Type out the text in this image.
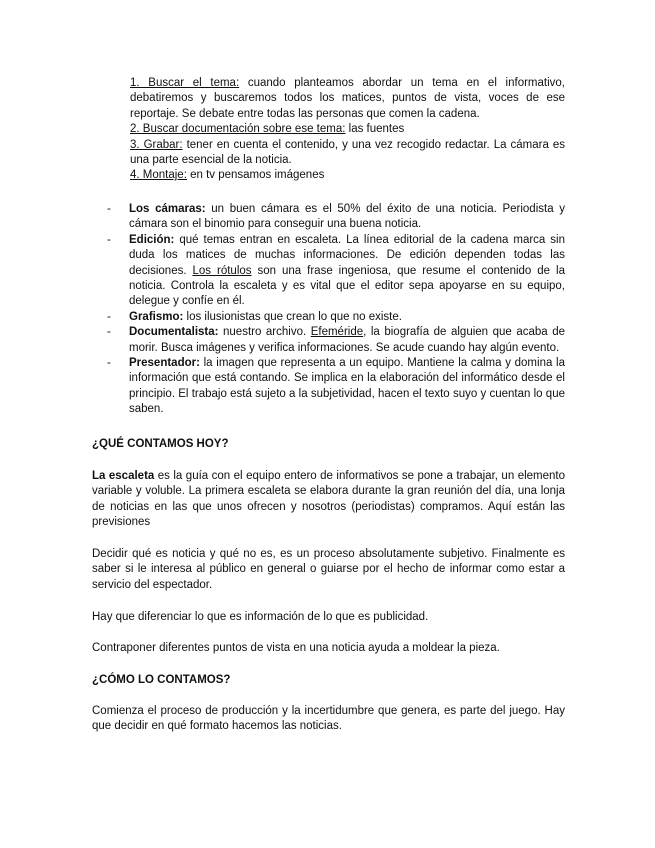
1. Buscar el tema: cuando planteamos abordar un tema en el informativo, debatiremos y buscaremos todos los matices, puntos de vista, voces de ese reportaje. Se debate entre todas las personas que comen la cadena.

2. Buscar documentación sobre ese tema: las fuentes

3. Grabar: tener en cuenta el contenido, y una vez recogido redactar. La cámara es una parte esencial de la noticia.

4. Montaje: en tv pensamos imágenes

- Los cámaras: un buen cámara es el 50% del éxito de una noticia. Periodista y cámara son el binomio para conseguir una buena noticia.
- Edición: qué temas entran en escaleta. La línea editorial de la cadena marca sin duda los matices de muchas informaciones. De edición dependen todas las decisiones. Los rótulos son una frase ingeniosa, que resume el contenido de la noticia. Controla la escaleta y es vital que el editor sepa apoyarse en su equipo, delegue y confíe en él.
- Grafismo: los ilusionistas que crean lo que no existe.
- Documentalista: nuestro archivo. Efeméride, la biografía de alguien que acaba de morir. Busca imágenes y verifica informaciones. Se acude cuando hay algún evento.
- Presentador: la imagen que representa a un equipo. Mantiene la calma y domina la información que está contando. Se implica en la elaboración del informático desde el principio. El trabajo está sujeto a la subjetividad, hacen el texto suyo y cuentan lo que saben.

¿QUÉ CONTAMOS HOY?

La escaleta es la guía con el equipo entero de informativos se pone a trabajar, un elemento variable y voluble. La primera escaleta se elabora durante la gran reunión del día, una lonja de noticias en las que unos ofrecen y nosotros (periodistas) compramos. Aquí están las previsiones

Decidir qué es noticia y qué no es, es un proceso absolutamente subjetivo. Finalmente es saber si le interesa al público en general o guiarse por el hecho de informar como estar a servicio del espectador.

Hay que diferenciar lo que es información de lo que es publicidad.

Contraponer diferentes puntos de vista en una noticia ayuda a moldear la pieza.

¿CÓMO LO CONTAMOS?

Comienza el proceso de producción y la incertidumbre que genera, es parte del juego. Hay que decidir en qué formato hacemos las noticias.
